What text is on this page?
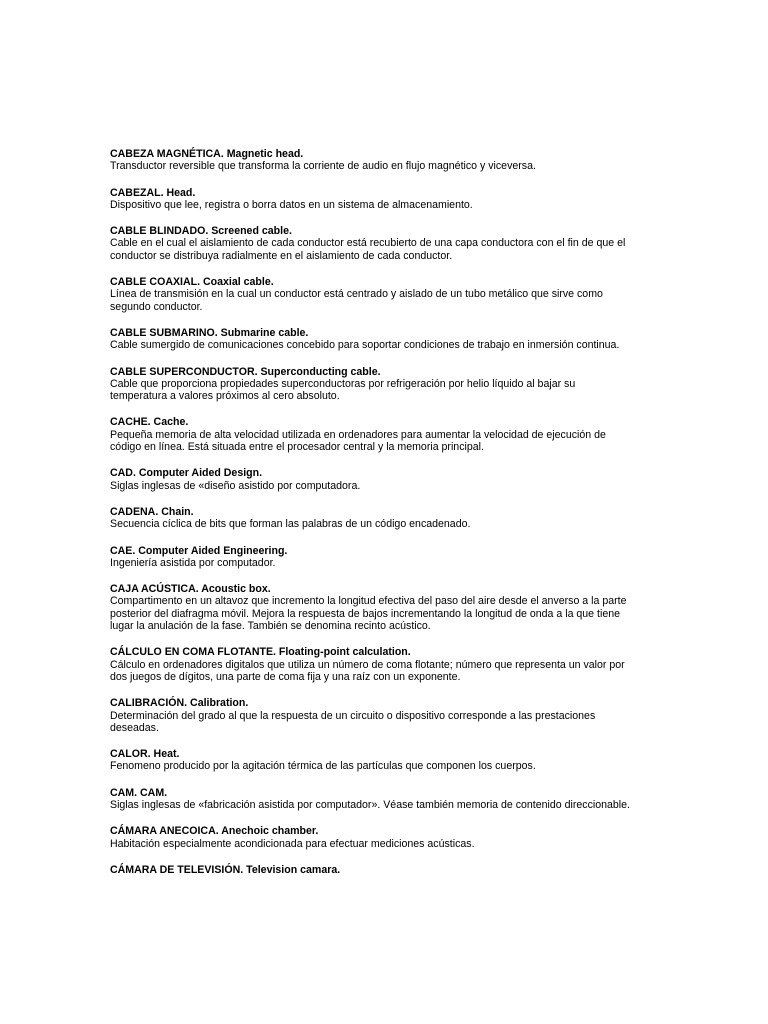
CABEZA MAGNÉTICA. Magnetic head.
Transductor reversible que transforma la corriente de audio en flujo magnético y viceversa.
CABEZAL. Head.
Dispositivo que lee, registra o borra datos en un sistema de almacenamiento.
CABLE BLINDADO. Screened cable.
Cable en el cual el aislamiento de cada conductor está recubierto de una capa conductora con el fin de que el conductor se distribuya radialmente en el aislamiento de cada conductor.
CABLE COAXIAL. Coaxial cable.
Línea de transmisión en la cual un conductor está centrado y aislado de un tubo metálico que sirve como segundo conductor.
CABLE SUBMARINO. Submarine cable.
Cable sumergido de comunicaciones concebido para soportar condiciones de trabajo en inmersión continua.
CABLE SUPERCONDUCTOR. Superconducting cable.
Cable que proporciona propiedades superconductoras por refrigeración por helio líquido al bajar su temperatura a valores próximos al cero absoluto.
CACHE. Cache.
Pequeña memoria de alta velocidad utilizada en ordenadores para aumentar la velocidad de ejecución de código en línea. Está situada entre el procesador central y la memoria principal.
CAD. Computer Aided Design.
Siglas inglesas de «diseño asistido por computadora.
CADENA. Chain.
Secuencia cíclica de bits que forman las palabras de un código encadenado.
CAE. Computer Aided Engineering.
Ingeniería asistida por computador.
CAJA ACÚSTICA. Acoustic box.
Compartimento en un altavoz que incremento la longitud efectiva del paso del aire desde el anverso a la parte posterior del diafragma móvil. Mejora la respuesta de bajos incrementando la longitud de onda a la que tiene lugar la anulación de la fase. También se denomina recinto acústico.
CÁLCULO EN COMA FLOTANTE. Floating-point calculation.
Cálculo en ordenadores digitalos que utiliza un número de coma flotante; número que representa un valor por dos juegos de dígitos, una parte de coma fija y una raíz con un exponente.
CALIBRACIÓN. Calibration.
Determinación del grado al que la respuesta de un circuito o dispositivo corresponde a las prestaciones deseadas.
CALOR. Heat.
Fenomeno producido por la agitación térmica de las partículas que componen los cuerpos.
CAM. CAM.
Siglas inglesas de «fabricación asistida por computador». Véase también memoria de contenido direccionable.
CÁMARA ANECOICA. Anechoic chamber.
Habitación especialmente acondicionada para efectuar mediciones acústicas.
CÁMARA DE TELEVISIÓN. Television camara.
